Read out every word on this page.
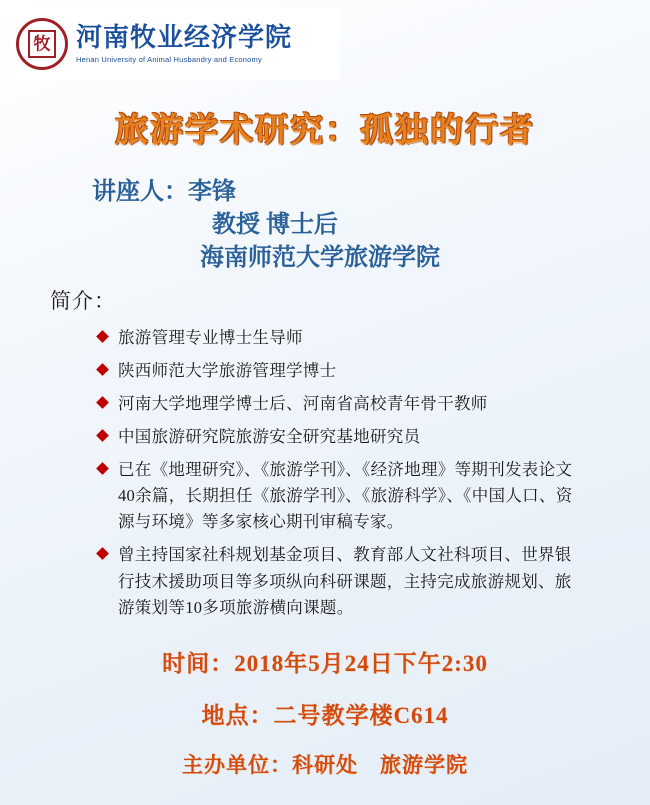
牧 河南牧业经济学院
Henan University of Animal Husbandry and Economy
旅游学术研究：孤独的行者
讲座人：李锋
教授 博士后
海南师范大学旅游学院
简介：
旅游管理专业博士生导师
陕西师范大学旅游管理学博士
河南大学地理学博士后、河南省高校青年骨干教师
中国旅游研究院旅游安全研究基地研究员
已在《地理研究》、《旅游学刊》、《经济地理》等期刊发表论文40余篇，长期担任《旅游学刊》、《旅游科学》、《中国人口、资源与环境》等多家核心期刊审稿专家。
曾主持国家社科规划基金项目、教育部人文社科项目、世界银行技术援助项目等多项纵向科研课题，主持完成旅游规划、旅游策划等10多项旅游横向课题。
时间：2018年5月24日下午2:30
地点：二号教学楼C614
主办单位：科研处　旅游学院
